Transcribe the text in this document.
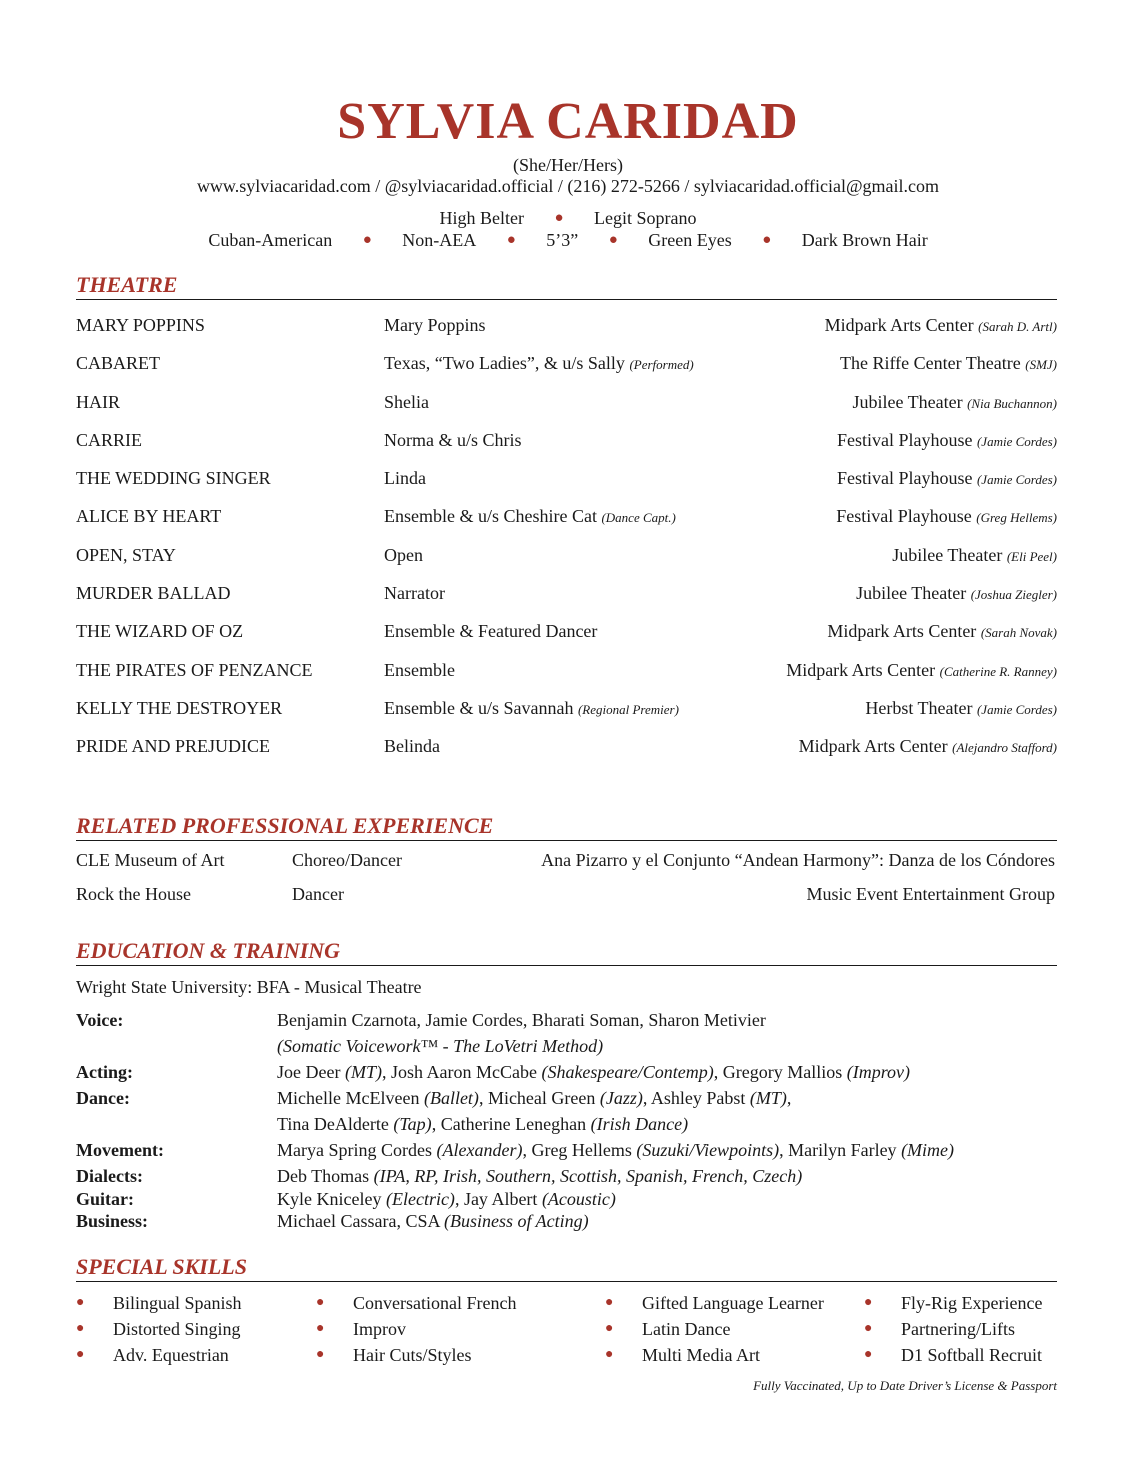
SYLVIA CARIDAD
(She/Her/Hers)
www.sylviacaridad.com / @sylviacaridad.official / (216) 272-5266 / sylviacaridad.official@gmail.com
High Belter	●	Legit Soprano
Cuban-American	●	Non-AEA	●	5’3”	●	Green Eyes	●	Dark Brown Hair
THEATRE
MARY POPPINS	Mary Poppins	Midpark Arts Center (Sarah D. Artl)
CABARET	Texas, “Two Ladies”, & u/s Sally (Performed)	The Riffe Center Theatre (SMJ)
HAIR	Shelia	Jubilee Theater (Nia Buchannon)
CARRIE	Norma & u/s Chris	Festival Playhouse (Jamie Cordes)
THE WEDDING SINGER	Linda	Festival Playhouse (Jamie Cordes)
ALICE BY HEART	Ensemble & u/s Cheshire Cat (Dance Capt.)	Festival Playhouse (Greg Hellems)
OPEN, STAY	Open	Jubilee Theater (Eli Peel)
MURDER BALLAD	Narrator	Jubilee Theater (Joshua Ziegler)
THE WIZARD OF OZ	Ensemble & Featured Dancer	Midpark Arts Center (Sarah Novak)
THE PIRATES OF PENZANCE	Ensemble	Midpark Arts Center (Catherine R. Ranney)
KELLY THE DESTROYER	Ensemble & u/s Savannah (Regional Premier)	Herbst Theater (Jamie Cordes)
PRIDE AND PREJUDICE	Belinda	Midpark Arts Center (Alejandro Stafford)
RELATED PROFESSIONAL EXPERIENCE
CLE Museum of Art	Choreo/Dancer	Ana Pizarro y el Conjunto “Andean Harmony”: Danza de los Cóndores
Rock the House	Dancer	Music Event Entertainment Group
EDUCATION & TRAINING
Wright State University: BFA - Musical Theatre
Voice:	Benjamin Czarnota, Jamie Cordes, Bharati Soman, Sharon Metivier
(Somatic Voicework™ - The LoVetri Method)
Acting:	Joe Deer (MT), Josh Aaron McCabe (Shakespeare/Contemp), Gregory Mallios (Improv)
Dance:	Michelle McElveen (Ballet), Micheal Green (Jazz), Ashley Pabst (MT),
Tina DeAlderte (Tap), Catherine Leneghan (Irish Dance)
Movement:	Marya Spring Cordes (Alexander), Greg Hellems (Suzuki/Viewpoints), Marilyn Farley (Mime)
Dialects:	Deb Thomas (IPA, RP, Irish, Southern, Scottish, Spanish, French, Czech)
Guitar:	Kyle Kniceley (Electric), Jay Albert (Acoustic)
Business:	Michael Cassara, CSA (Business of Acting)
SPECIAL SKILLS
● Bilingual Spanish
● Distorted Singing
● Adv. Equestrian
● Conversational French
● Improv
● Hair Cuts/Styles
● Gifted Language Learner
● Latin Dance
● Multi Media Art
● Fly-Rig Experience
● Partnering/Lifts
● D1 Softball Recruit
Fully Vaccinated, Up to Date Driver’s License & Passport
